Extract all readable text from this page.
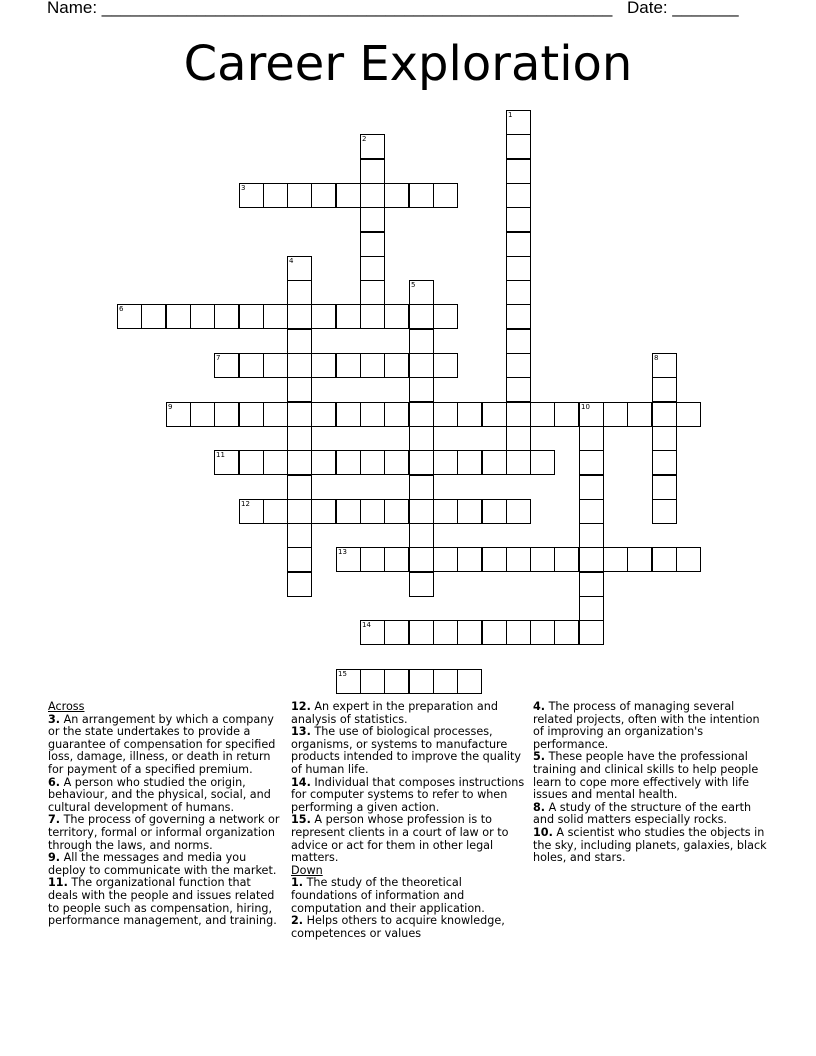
Name: ______________________________________________________ Date: _______
Career Exploration
1
2
3
4
5
6
7	8
9	10
11
12
13
14
15
Across
3. An arrangement by which a company or the state undertakes to provide a guarantee of compensation for specified loss, damage, illness, or death in return for payment of a specified premium.
6. A person who studied the origin, behaviour, and the physical, social, and cultural development of humans.
7. The process of governing a network or territory, formal or informal organization through the laws, and norms.
9. All the messages and media you deploy to communicate with the market.
11. The organizational function that deals with the people and issues related to people such as compensation, hiring, performance management, and training.
12. An expert in the preparation and analysis of statistics.
13. The use of biological processes, organisms, or systems to manufacture products intended to improve the quality of human life.
14. Individual that composes instructions for computer systems to refer to when performing a given action.
15. A person whose profession is to represent clients in a court of law or to advice or act for them in other legal matters.
Down
1. The study of the theoretical foundations of information and computation and their application.
2. Helps others to acquire knowledge, competences or values
4. The process of managing several related projects, often with the intention of improving an organization's performance.
5. These people have the professional training and clinical skills to help people learn to cope more effectively with life issues and mental health.
8. A study of the structure of the earth and solid matters especially rocks.
10. A scientist who studies the objects in the sky, including planets, galaxies, black holes, and stars.
